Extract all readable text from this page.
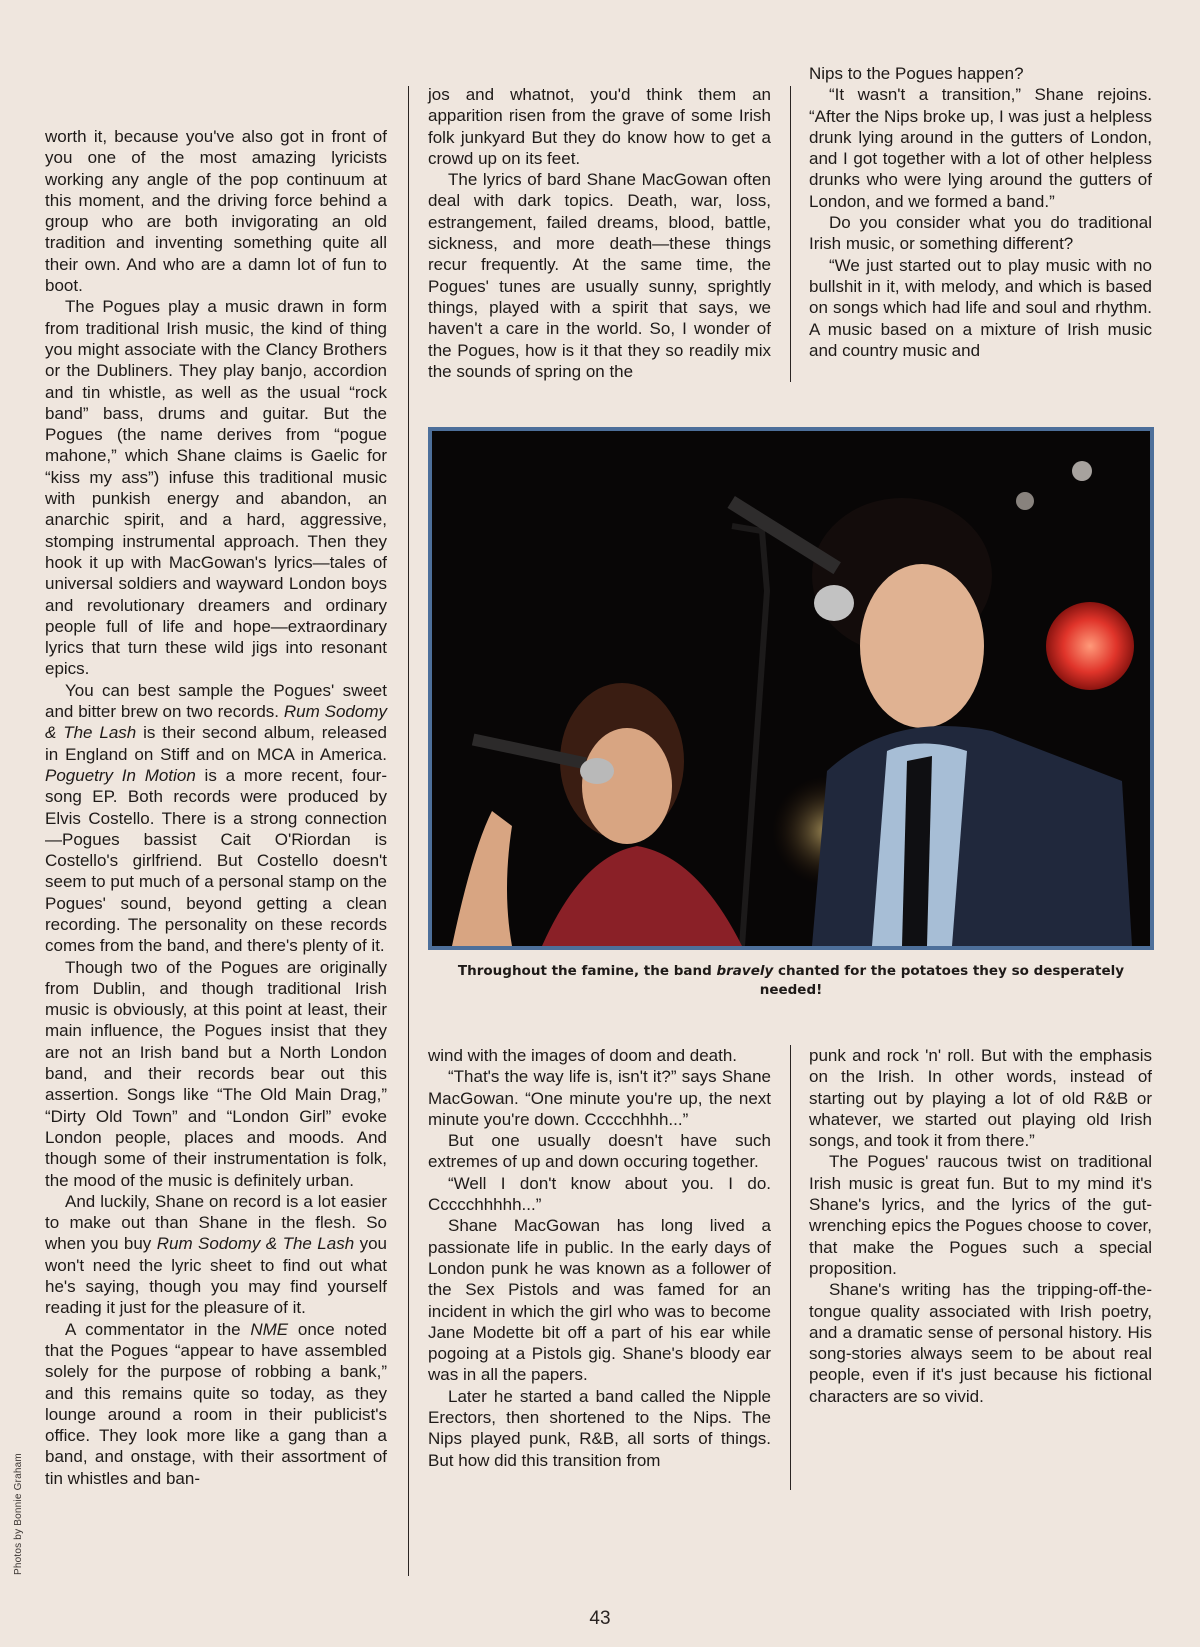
Photos by Bonnie Graham

worth it, because you've also got in front of you one of the most amazing lyricists working any angle of the pop continuum at this moment, and the driving force behind a group who are both invigorating an old tradition and inventing something quite all their own. And who are a damn lot of fun to boot.

The Pogues play a music drawn in form from traditional Irish music, the kind of thing you might associate with the Clancy Brothers or the Dubliners. They play banjo, accordion and tin whistle, as well as the usual “rock band” bass, drums and guitar. But the Pogues (the name derives from “pogue mahone,” which Shane claims is Gaelic for “kiss my ass”) infuse this traditional music with punkish energy and abandon, an anarchic spirit, and a hard, aggressive, stomping instrumental approach. Then they hook it up with MacGowan's lyrics—tales of universal soldiers and wayward London boys and revolutionary dreamers and ordinary people full of life and hope—extraordinary lyrics that turn these wild jigs into resonant epics.

You can best sample the Pogues' sweet and bitter brew on two records. Rum Sodomy & The Lash is their second album, released in England on Stiff and on MCA in America. Poguetry In Motion is a more recent, four-song EP. Both records were produced by Elvis Costello. There is a strong connection—Pogues bassist Cait O'Riordan is Costello's girlfriend. But Costello doesn't seem to put much of a personal stamp on the Pogues' sound, beyond getting a clean recording. The personality on these records comes from the band, and there's plenty of it.

Though two of the Pogues are originally from Dublin, and though traditional Irish music is obviously, at this point at least, their main influence, the Pogues insist that they are not an Irish band but a North London band, and their records bear out this assertion. Songs like “The Old Main Drag,” “Dirty Old Town” and “London Girl” evoke London people, places and moods. And though some of their instrumentation is folk, the mood of the music is definitely urban.

And luckily, Shane on record is a lot easier to make out than Shane in the flesh. So when you buy Rum Sodomy & The Lash you won't need the lyric sheet to find out what he's saying, though you may find yourself reading it just for the pleasure of it.

A commentator in the NME once noted that the Pogues “appear to have assembled solely for the purpose of robbing a bank,” and this remains quite so today, as they lounge around a room in their publicist's office. They look more like a gang than a band, and onstage, with their assortment of tin whistles and ban-

jos and whatnot, you'd think them an apparition risen from the grave of some Irish folk junkyard But they do know how to get a crowd up on its feet.

The lyrics of bard Shane MacGowan often deal with dark topics. Death, war, loss, estrangement, failed dreams, blood, battle, sickness, and more death—these things recur frequently. At the same time, the Pogues' tunes are usually sunny, sprightly things, played with a spirit that says, we haven't a care in the world. So, I wonder of the Pogues, how is it that they so readily mix the sounds of spring on the

Nips to the Pogues happen?

“It wasn't a transition,” Shane rejoins. “After the Nips broke up, I was just a helpless drunk lying around in the gutters of London, and I got together with a lot of other helpless drunks who were lying around the gutters of London, and we formed a band.”

Do you consider what you do traditional Irish music, or something different?

“We just started out to play music with no bullshit in it, with melody, and which is based on songs which had life and soul and rhythm. A music based on a mixture of Irish music and country music and

Throughout the famine, the band bravely chanted for the potatoes they so desperately needed!

wind with the images of doom and death.

“That's the way life is, isn't it?” says Shane MacGowan. “One minute you're up, the next minute you're down. Ccccchhhh...”

But one usually doesn't have such extremes of up and down occuring together.

“Well I don't know about you. I do. Ccccchhhhh...”

Shane MacGowan has long lived a passionate life in public. In the early days of London punk he was known as a follower of the Sex Pistols and was famed for an incident in which the girl who was to become Jane Modette bit off a part of his ear while pogoing at a Pistols gig. Shane's bloody ear was in all the papers.

Later he started a band called the Nipple Erectors, then shortened to the Nips. The Nips played punk, R&B, all sorts of things. But how did this transition from

punk and rock 'n' roll. But with the emphasis on the Irish. In other words, instead of starting out by playing a lot of old R&B or whatever, we started out playing old Irish songs, and took it from there.”

The Pogues' raucous twist on traditional Irish music is great fun. But to my mind it's Shane's lyrics, and the lyrics of the gut-wrenching epics the Pogues choose to cover, that make the Pogues such a special proposition.

Shane's writing has the tripping-off-the-tongue quality associated with Irish poetry, and a dramatic sense of personal history. His song-stories always seem to be about real people, even if it's just because his fictional characters are so vivid.

43
